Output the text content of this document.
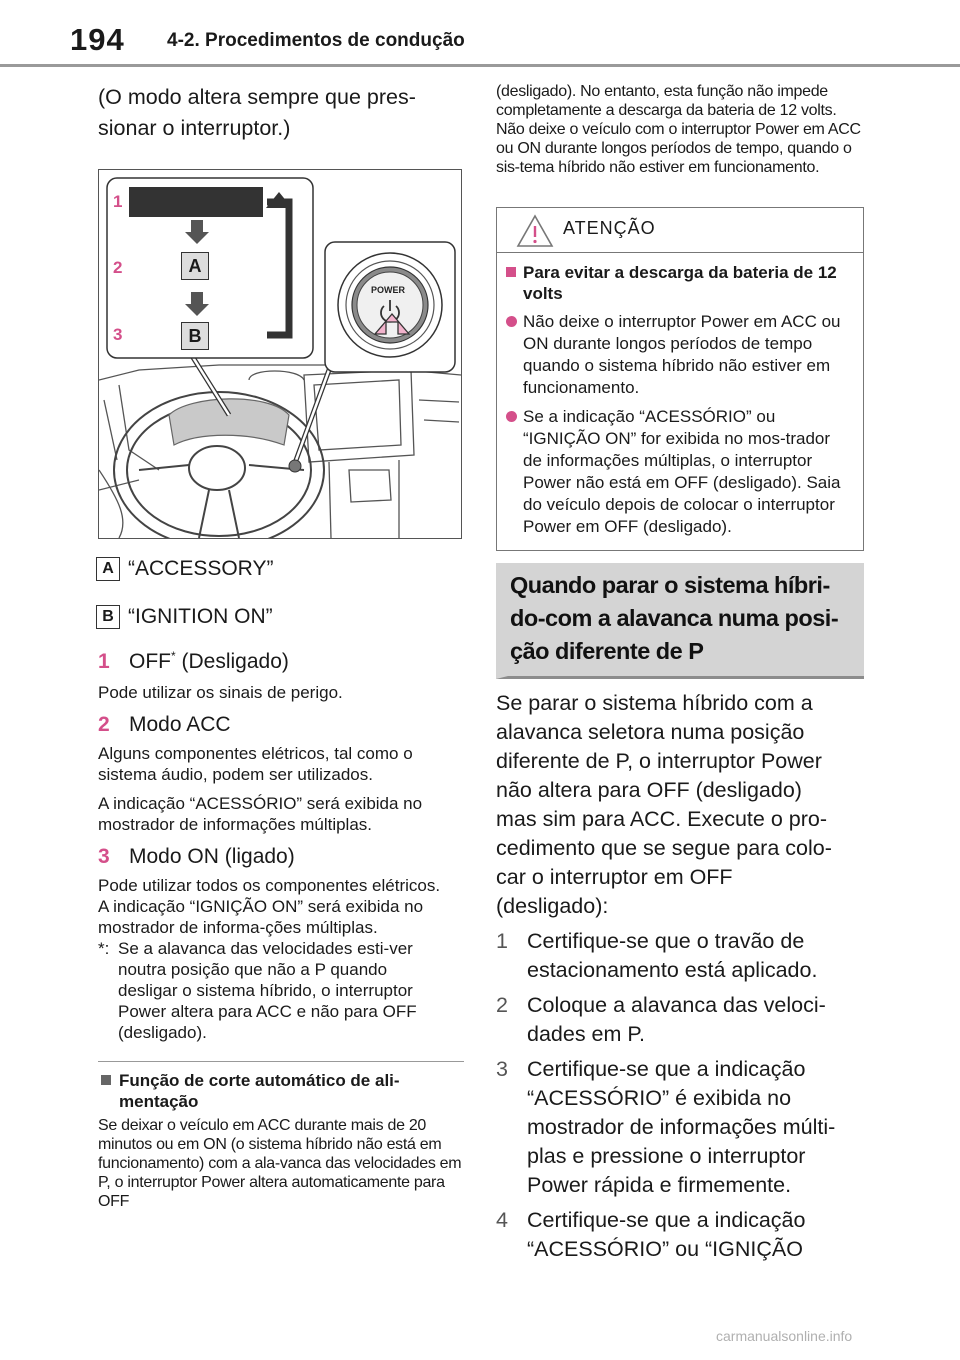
194 4-2. Procedimentos de condução

(O modo altera sempre que pres-sionar o interruptor.)

1
2
3
A
B
POWER
A “ACCESSORY”
B “IGNITION ON”
1 OFF* (Desligado)

Pode utilizar os sinais de perigo.

2 Modo ACC

Alguns componentes elétricos, tal como o sistema áudio, podem ser utilizados.

A indicação “ACESSÓRIO” será exibida no mostrador de informações múltiplas.

3 Modo ON (ligado)

Pode utilizar todos os componentes elétricos. A indicação “IGNIÇÃO ON” será exibida no mostrador de informa-ções múltiplas.

*: Se a alavanca das velocidades esti-ver noutra posição que não a P quando desligar o sistema híbrido, o interruptor Power altera para ACC e não para OFF (desligado).
Função de corte automático de ali-mentação

Se deixar o veículo em ACC durante mais de 20 minutos ou em ON (o sistema híbrido não está em funcionamento) com a ala-vanca das velocidades em P, o interruptor Power altera automaticamente para OFF

(desligado). No entanto, esta função não impede completamente a descarga da bateria de 12 volts. Não deixe o veículo com o interruptor Power em ACC ou ON durante longos períodos de tempo, quando o sis-tema híbrido não estiver em funcionamento.

ATENÇÃO
Para evitar a descarga da bateria de 12 volts
Não deixe o interruptor Power em ACC ou ON durante longos períodos de tempo quando o sistema híbrido não estiver em funcionamento.
Se a indicação “ACESSÓRIO” ou “IGNIÇÃO ON” for exibida no mos-trador de informações múltiplas, o interruptor Power não está em OFF (desligado). Saia do veículo depois de colocar o interruptor Power em OFF (desligado).
Quando parar o sistema híbri-
do-com a alavanca numa posi-
ção diferente de P

Se parar o sistema híbrido com a alavanca seletora numa posição diferente de P, o interruptor Power não altera para OFF (desligado) mas sim para ACC. Execute o pro-cedimento que se segue para colo-car o interruptor em OFF (desligado):

1 Certifique-se que o travão de estacionamento está aplicado.
2 Coloque a alavanca das veloci-dades em P.
3 Certifique-se que a indicação “ACESSÓRIO” é exibida no mostrador de informações múlti-plas e pressione o interruptor Power rápida e firmemente.
4 Certifique-se que a indicação “ACESSÓRIO” ou “IGNIÇÃO
carmanualsonline.info
